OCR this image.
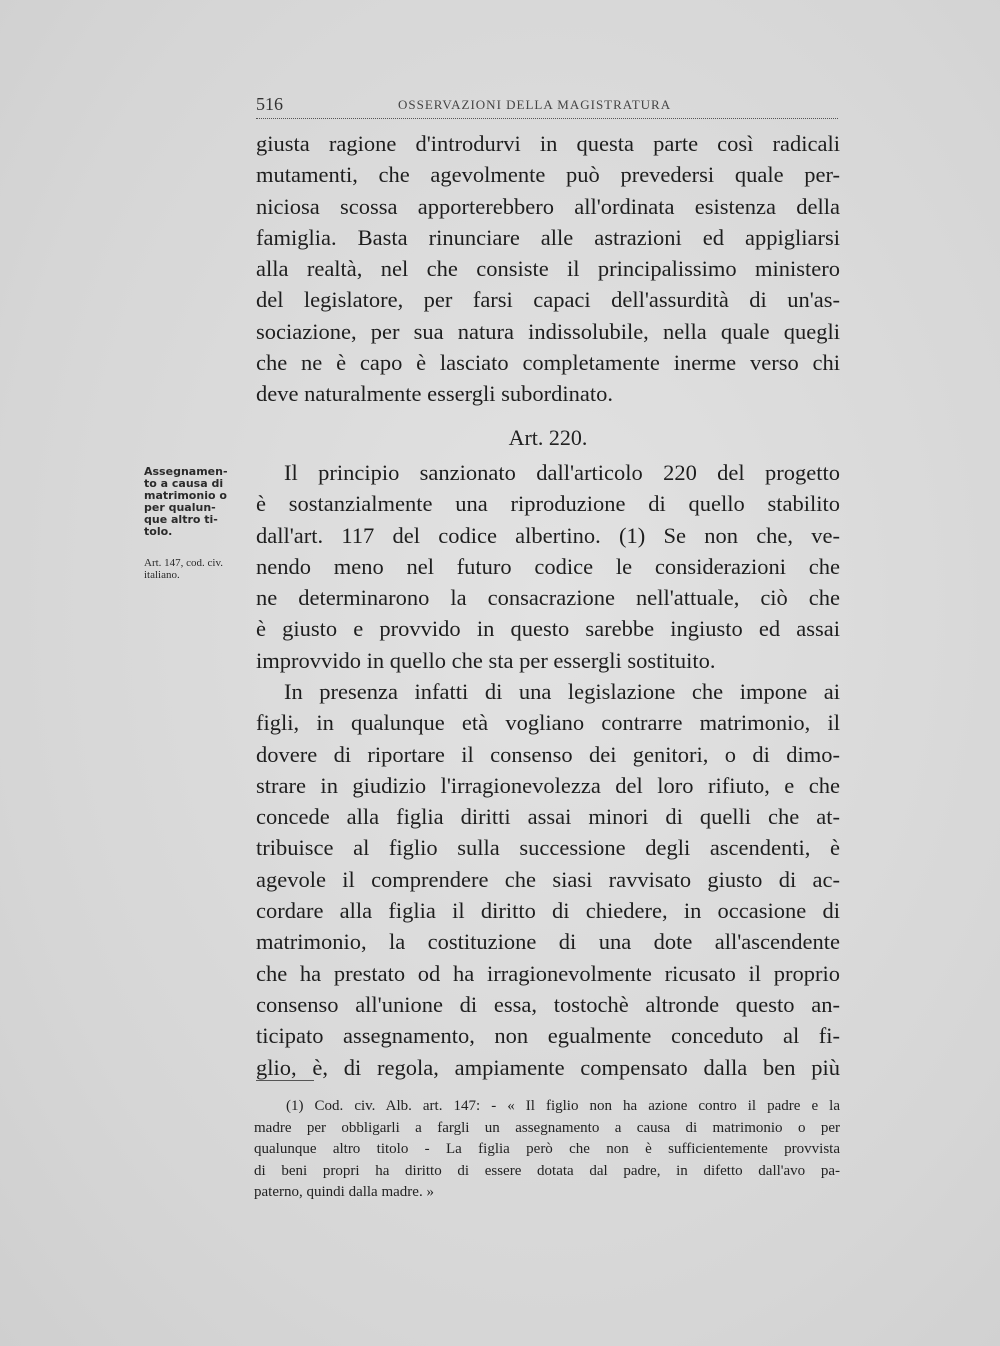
516	OSSERVAZIONI DELLA MAGISTRATURA
giusta ragione d'introdurvi in questa parte così radicali
mutamenti, che agevolmente può prevedersi quale per-
niciosa scossa apporterebbero all'ordinata esistenza della
famiglia. Basta rinunciare alle astrazioni ed appigliarsi
alla realtà, nel che consiste il principalissimo ministero
del legislatore, per farsi capaci dell'assurdità di un'as-
sociazione, per sua natura indissolubile, nella quale quegli
che ne è capo è lasciato completamente inerme verso chi
deve naturalmente essergli subordinato.
Art. 220.
Assegnamen-
to a causa di
matrimonio o
per qualun-
que altro ti-
tolo.
Art. 147, cod. civ.
italiano.
Il principio sanzionato dall'articolo 220 del progetto
è sostanzialmente una riproduzione di quello stabilito
dall'art. 117 del codice albertino. (1) Se non che, ve-
nendo meno nel futuro codice le considerazioni che
ne determinarono la consacrazione nell'attuale, ciò che
è giusto e provvido in questo sarebbe ingiusto ed assai
improvvido in quello che sta per essergli sostituito.
In presenza infatti di una legislazione che impone ai
figli, in qualunque età vogliano contrarre matrimonio, il
dovere di riportare il consenso dei genitori, o di dimo-
strare in giudizio l'irragionevolezza del loro rifiuto, e che
concede alla figlia diritti assai minori di quelli che at-
tribuisce al figlio sulla successione degli ascendenti, è
agevole il comprendere che siasi ravvisato giusto di ac-
cordare alla figlia il diritto di chiedere, in occasione di
matrimonio, la costituzione di una dote all'ascendente
che ha prestato od ha irragionevolmente ricusato il proprio
consenso all'unione di essa, tostochè altronde questo an-
ticipato assegnamento, non egualmente conceduto al fi-
glio, è, di regola, ampiamente compensato dalla ben più
(1) Cod. civ. Alb. art. 147: - « Il figlio non ha azione contro il padre e la
madre per obbligarli a fargli un assegnamento a causa di matrimonio o per
qualunque altro titolo - La figlia però che non è sufficientemente provvista
di beni propri ha diritto di essere dotata dal padre, in difetto dall'avo pa-
paterno, quindi dalla madre. »
